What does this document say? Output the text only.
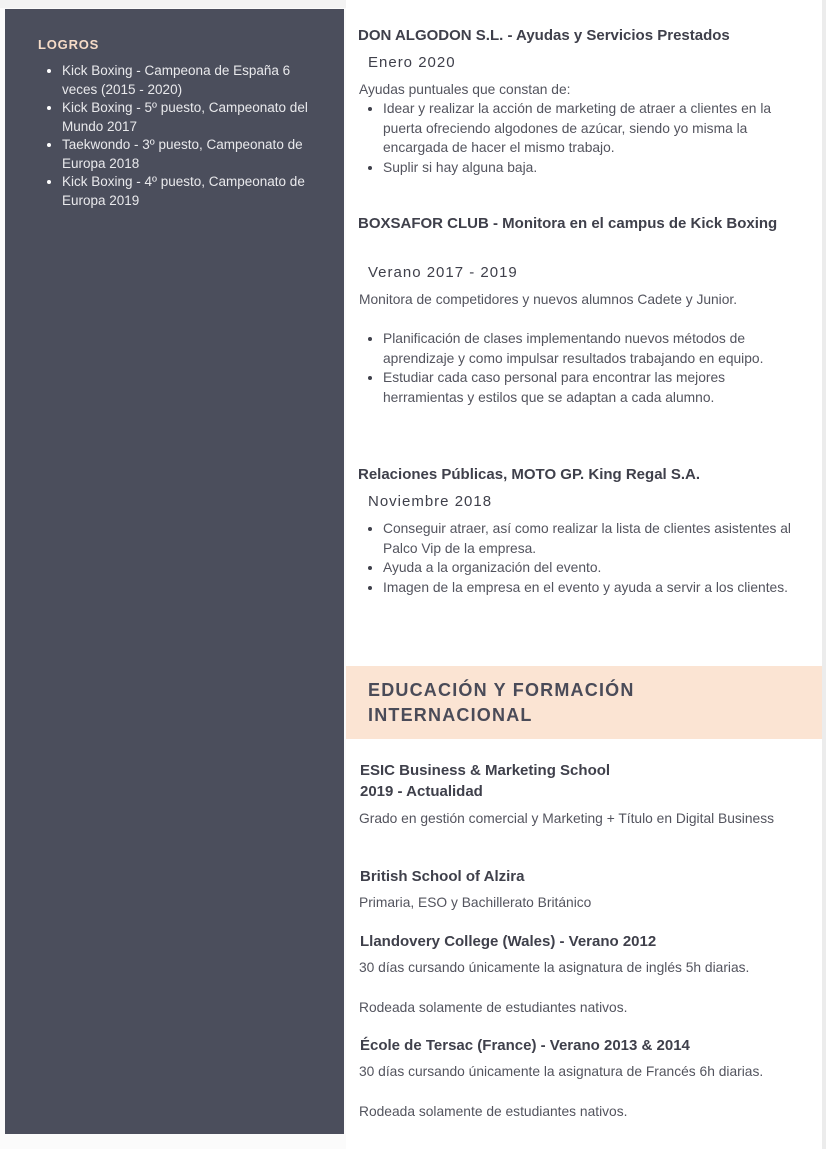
LOGROS
• Kick Boxing - Campeona de España 6 veces (2015 - 2020)
• Kick Boxing - 5º puesto, Campeonato del Mundo 2017
• Taekwondo - 3º puesto, Campeonato de Europa 2018
• Kick Boxing - 4º puesto, Campeonato de Europa 2019
DON ALGODON S.L. - Ayudas y Servicios Prestados

Enero 2020

Ayudas puntuales que constan de:

• Idear y realizar la acción de marketing de atraer a clientes en la puerta ofreciendo algodones de azúcar, siendo yo misma la encargada de hacer el mismo trabajo.
• Suplir si hay alguna baja.
BOXSAFOR CLUB - Monitora en el campus de Kick Boxing

Verano 2017 - 2019

Monitora de competidores y nuevos alumnos Cadete y Junior.

• Planificación de clases implementando nuevos métodos de aprendizaje y como impulsar resultados trabajando en equipo.
• Estudiar cada caso personal para encontrar las mejores herramientas y estilos que se adaptan a cada alumno.
Relaciones Públicas, MOTO GP. King Regal S.A.

Noviembre 2018

• Conseguir atraer, así como realizar la lista de clientes asistentes al Palco Vip de la empresa.
• Ayuda a la organización del evento.
• Imagen de la empresa en el evento y ayuda a servir a los clientes.
EDUCACIÓN Y FORMACIÓN INTERNACIONAL
ESIC Business & Marketing School
2019 - Actualidad

Grado en gestión comercial y Marketing + Título en Digital Business

British School of Alzira

Primaria, ESO y Bachillerato Británico

Llandovery College (Wales) - Verano 2012

30 días cursando únicamente la asignatura de inglés 5h diarias.

Rodeada solamente de estudiantes nativos.

École de Tersac (France) - Verano 2013 & 2014

30 días cursando únicamente la asignatura de Francés 6h diarias.

Rodeada solamente de estudiantes nativos.
